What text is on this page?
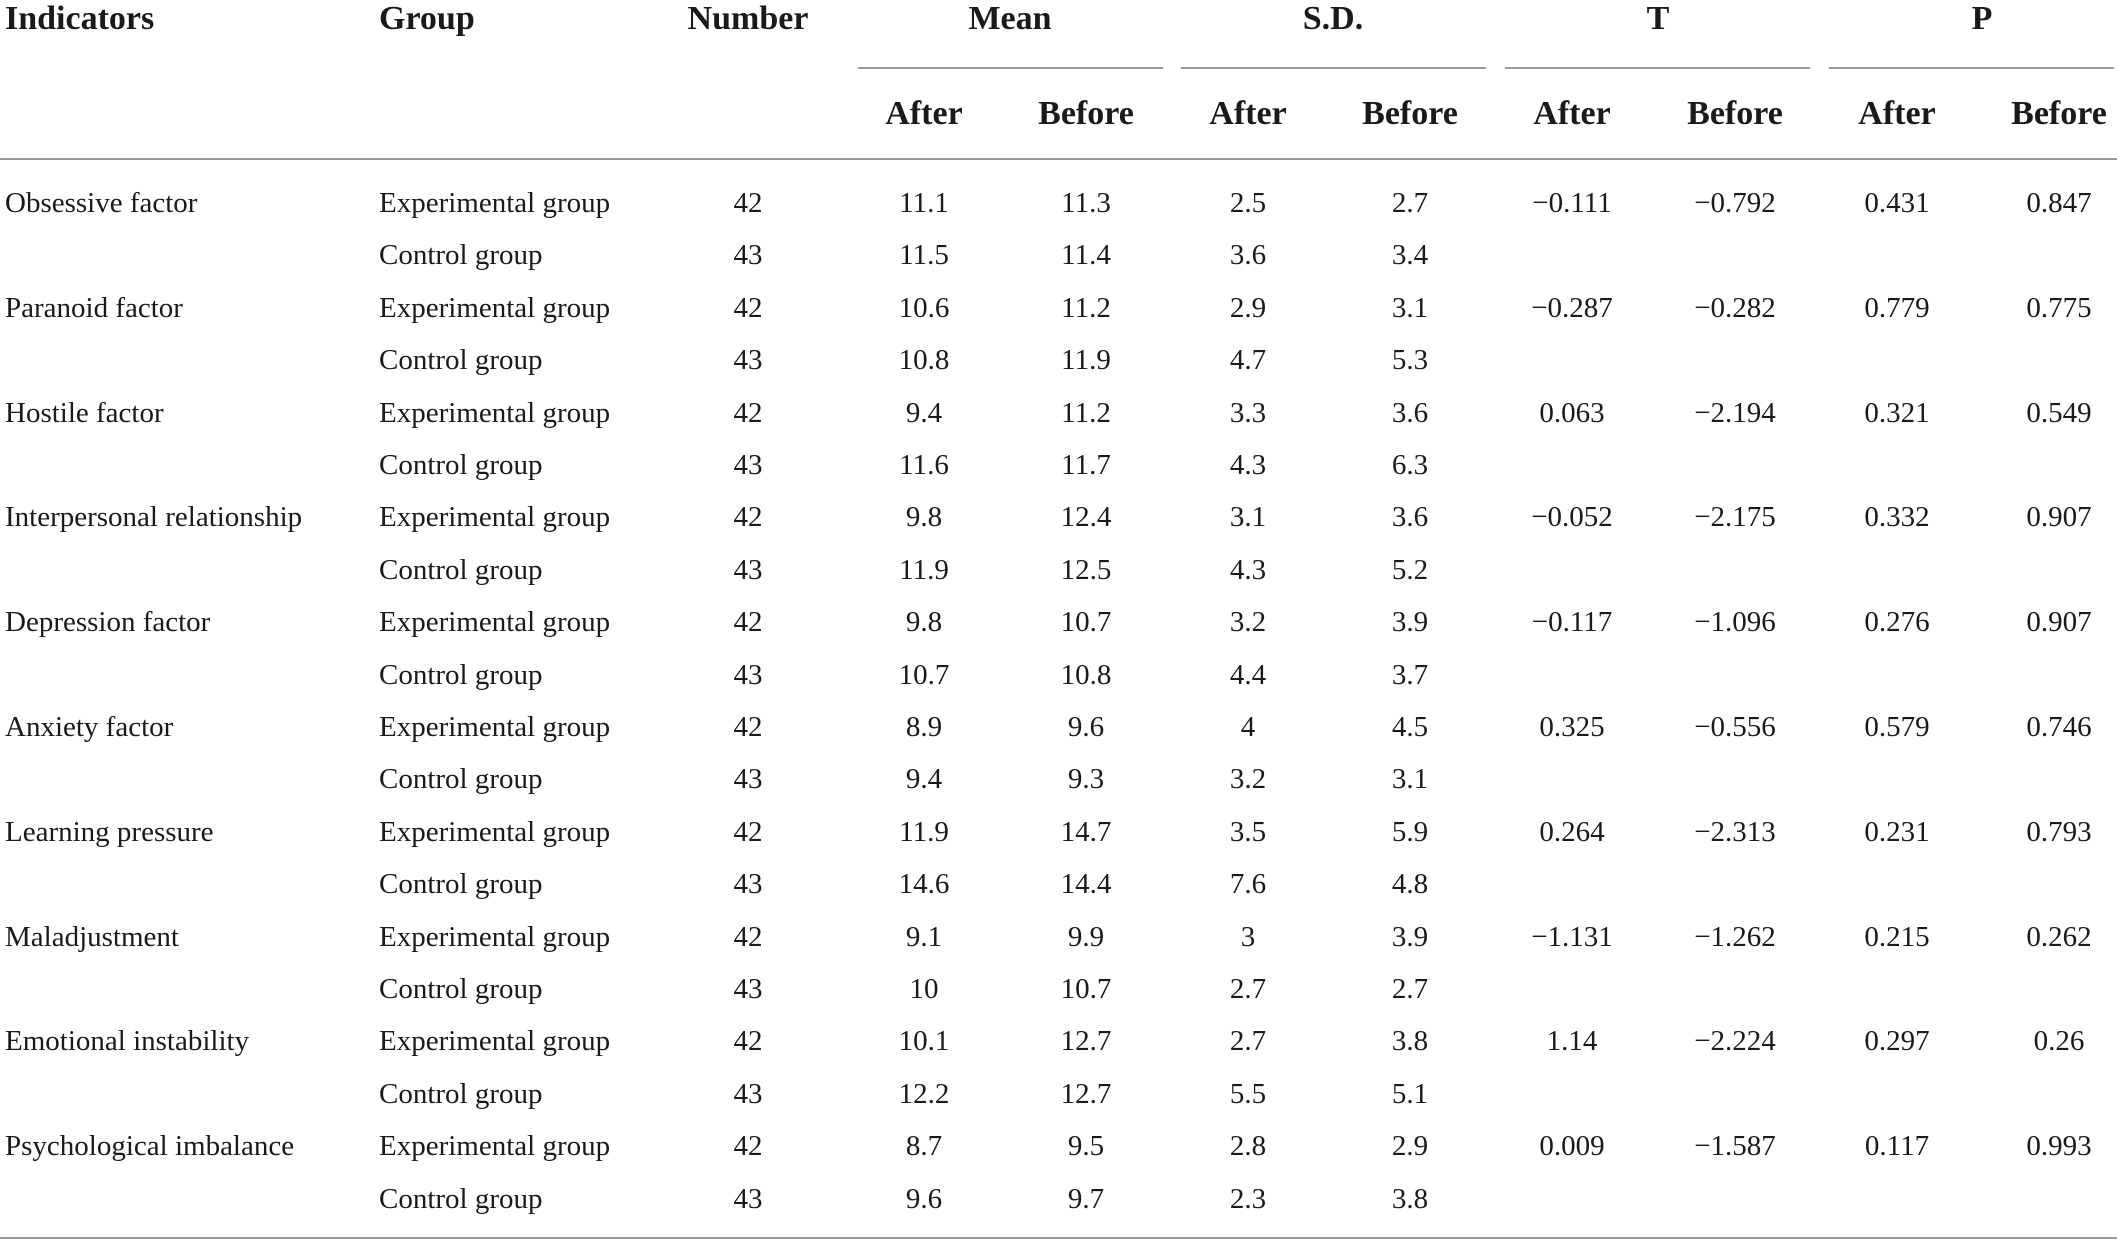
Indicators	Group	Number	Mean	S.D.	T	P
After Before After Before After Before After Before
Obsessive factor	Experimental group	42	11.1	11.3	2.5	2.7	−0.111	−0.792	0.431	0.847
Control group	43	11.5	11.4	3.6	3.4
Paranoid factor	Experimental group	42	10.6	11.2	2.9	3.1	−0.287	−0.282	0.779	0.775
Control group	43	10.8	11.9	4.7	5.3
Hostile factor	Experimental group	42	9.4	11.2	3.3	3.6	0.063	−2.194	0.321	0.549
Control group	43	11.6	11.7	4.3	6.3
Interpersonal relationship	Experimental group	42	9.8	12.4	3.1	3.6	−0.052	−2.175	0.332	0.907
Control group	43	11.9	12.5	4.3	5.2
Depression factor	Experimental group	42	9.8	10.7	3.2	3.9	−0.117	−1.096	0.276	0.907
Control group	43	10.7	10.8	4.4	3.7
Anxiety factor	Experimental group	42	8.9	9.6	4	4.5	0.325	−0.556	0.579	0.746
Control group	43	9.4	9.3	3.2	3.1
Learning pressure	Experimental group	42	11.9	14.7	3.5	5.9	0.264	−2.313	0.231	0.793
Control group	43	14.6	14.4	7.6	4.8
Maladjustment	Experimental group	42	9.1	9.9	3	3.9	−1.131	−1.262	0.215	0.262
Control group	43	10	10.7	2.7	2.7
Emotional instability	Experimental group	42	10.1	12.7	2.7	3.8	1.14	−2.224	0.297	0.26
Control group	43	12.2	12.7	5.5	5.1
Psychological imbalance	Experimental group	42	8.7	9.5	2.8	2.9	0.009	−1.587	0.117	0.993
Control group	43	9.6	9.7	2.3	3.8
